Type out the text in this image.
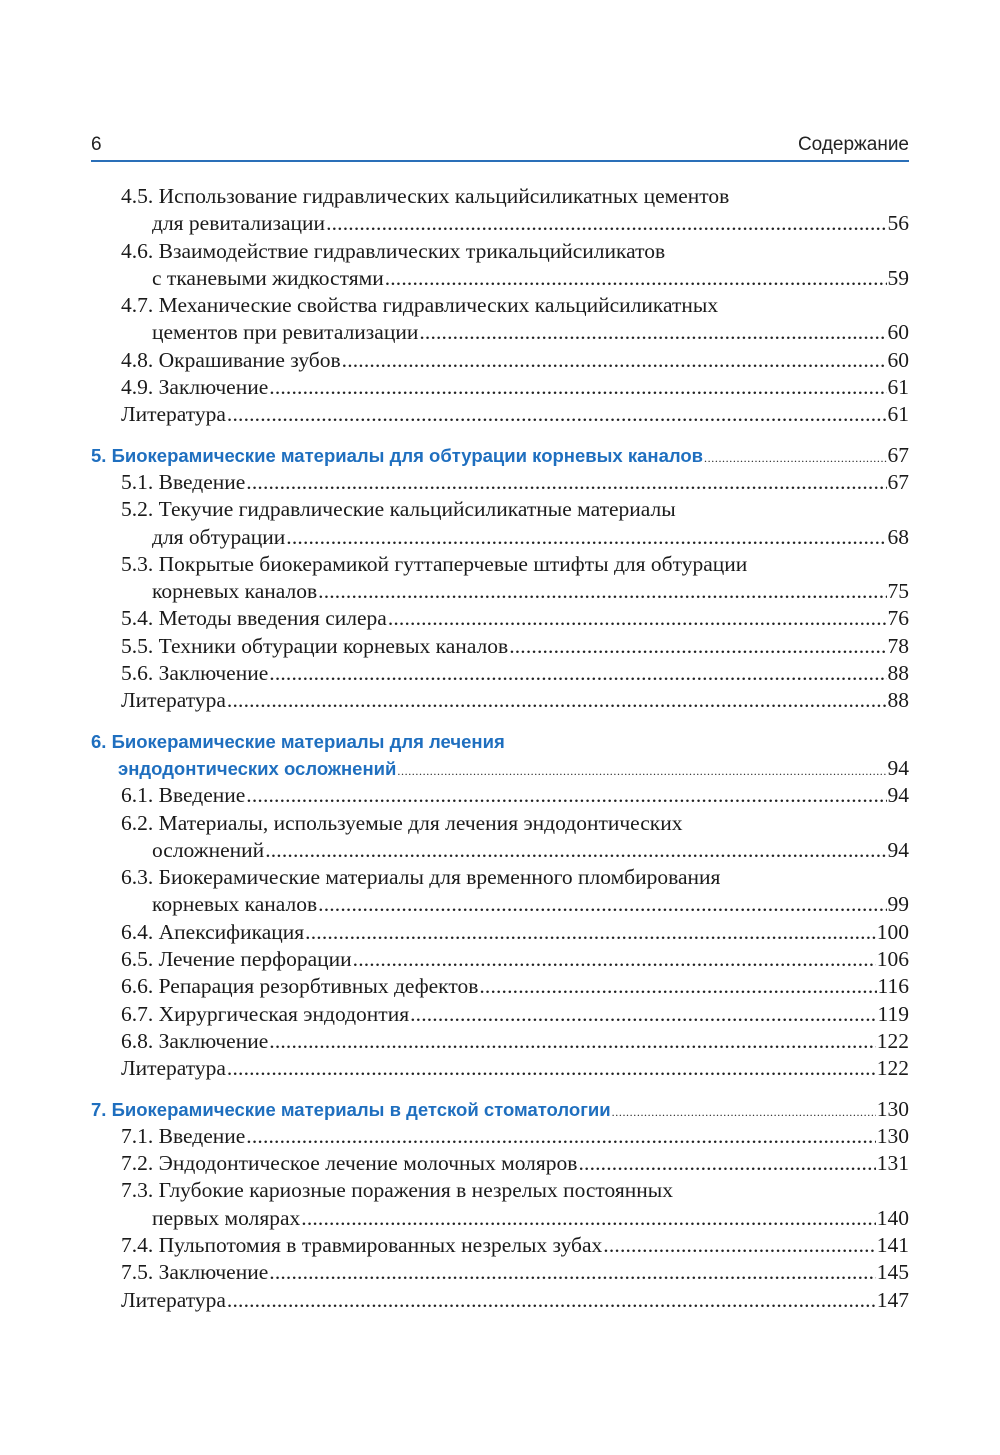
6	Содержание
4.5. Использование гидравлических кальцийсиликатных цементов
для ревитализации . . .	56
4.6. Взаимодействие гидравлических трикальцийсиликатов
с тканевыми жидкостями . . .	59
4.7. Механические свойства гидравлических кальцийсиликатных
цементов при ревитализации . . .	60
4.8. Окрашивание зубов . . .	60
4.9. Заключение . . .	61
Литература . . .	61
5. Биокерамические материалы для обтурации корневых каналов . . .	67
5.1. Введение . . .	67
5.2. Текучие гидравлические кальцийсиликатные материалы
для обтурации . . .	68
5.3. Покрытые биокерамикой гуттаперчевые штифты для обтурации
корневых каналов . . .	75
5.4. Методы введения силера . . .	76
5.5. Техники обтурации корневых каналов . . .	78
5.6. Заключение . . .	88
Литература . . .	88
6. Биокерамические материалы для лечения
эндодонтических осложнений . . .	94
6.1. Введение . . .	94
6.2. Материалы, используемые для лечения эндодонтических
осложнений . . .	94
6.3. Биокерамические материалы для временного пломбирования
корневых каналов . . .	99
6.4. Апексификация . . .	100
6.5. Лечение перфорации . . .	106
6.6. Репарация резорбтивных дефектов . . .	116
6.7. Хирургическая эндодонтия . . .	119
6.8. Заключение . . .	122
Литература . . .	122
7. Биокерамические материалы в детской стоматологии . . .	130
7.1. Введение . . .	130
7.2. Эндодонтическое лечение молочных моляров . . .	131
7.3. Глубокие кариозные поражения в незрелых постоянных
первых молярах . . .	140
7.4. Пульпотомия в травмированных незрелых зубах . . .	141
7.5. Заключение . . .	145
Литература . . .	147
